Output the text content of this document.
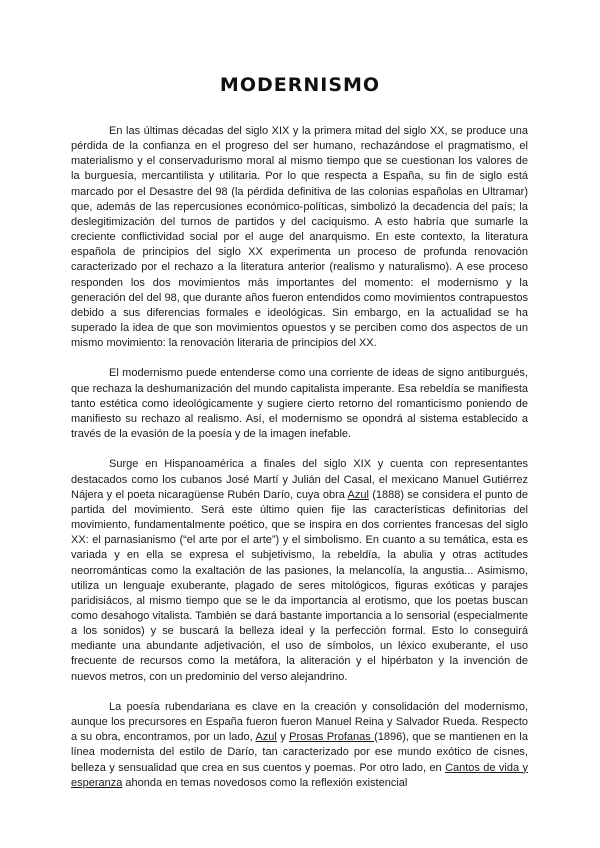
MODERNISMO

En las últimas décadas del siglo XIX y la primera mitad del siglo XX, se produce una pérdida de la confianza en el progreso del ser humano, rechazándose el pragmatismo, el materialismo y el conservadurismo moral al mismo tiempo que se cuestionan los valores de la burguesía, mercantilista y utilitaria. Por lo que respecta a España, su fin de siglo está marcado por el Desastre del 98 (la pérdida definitiva de las colonias españolas en Ultramar) que, además de las repercusiones económico-políticas, simbolizó la decadencia del país; la deslegitimización del turnos de partidos y del caciquismo. A esto habría que sumarle la creciente conflictividad social por el auge del anarquismo. En este contexto, la literatura española de principios del siglo XX experimenta un proceso de profunda renovación caracterizado por el rechazo a la literatura anterior (realismo y naturalismo). A ese proceso responden los dos movimientos más importantes del momento: el modernismo y la generación del del 98, que durante años fueron entendidos como movimientos contrapuestos debido a sus diferencias formales e ideológicas. Sin embargo, en la actualidad se ha superado la idea de que son movimientos opuestos y se perciben como dos aspectos de un mismo movimiento: la renovación literaria de principios del XX.

El modernismo puede entenderse como una corriente de ideas de signo antiburgués, que rechaza la deshumanización del mundo capitalista imperante. Esa rebeldía se manifiesta tanto estética como ideológicamente y sugiere cierto retorno del romanticismo poniendo de manifiesto su rechazo al realismo. Así, el modernismo se opondrá al sistema establecido a través de la evasión de la poesía y de la imagen inefable.

Surge en Hispanoamérica a finales del siglo XIX y cuenta con representantes destacados como los cubanos José Martí y Julián del Casal, el mexicano Manuel Gutiérrez Nájera y el poeta nicaragüense Rubén Darío, cuya obra Azul (1888) se considera el punto de partida del movimiento. Será este último quien fije las características definitorias del movimiento, fundamentalmente poético, que se inspira en dos corrientes francesas del siglo XX: el parnasianismo (“el arte por el arte”) y el simbolismo. En cuanto a su temática, esta es variada y en ella se expresa el subjetivismo, la rebeldía, la abulia y otras actitudes neorrománticas como la exaltación de las pasiones, la melancolía, la angustia... Asimismo, utiliza un lenguaje exuberante, plagado de seres mitológicos, figuras exóticas y parajes paridisiácos, al mismo tiempo que se le da importancia al erotismo, que los poetas buscan como desahogo vitalista. También se dará bastante importancia a lo sensorial (especialmente a los sonidos) y se buscará la belleza ideal y la perfección formal. Esto lo conseguirá mediante una abundante adjetivación, el uso de símbolos, un léxico exuberante, el uso frecuente de recursos como la metáfora, la aliteración y el hipérbaton y la invención de nuevos metros, con un predominio del verso alejandrino.

La poesía rubendariana es clave en la creación y consolidación del modernismo, aunque los precursores en España fueron fueron Manuel Reina y Salvador Rueda. Respecto a su obra, encontramos, por un lado, Azul y Prosas Profanas (1896), que se mantienen en la línea modernista del estilo de Darío, tan caracterizado por ese mundo exótico de cisnes, belleza y sensualidad que crea en sus cuentos y poemas. Por otro lado, en Cantos de vida y esperanza ahonda en temas novedosos como la reflexión existencial
